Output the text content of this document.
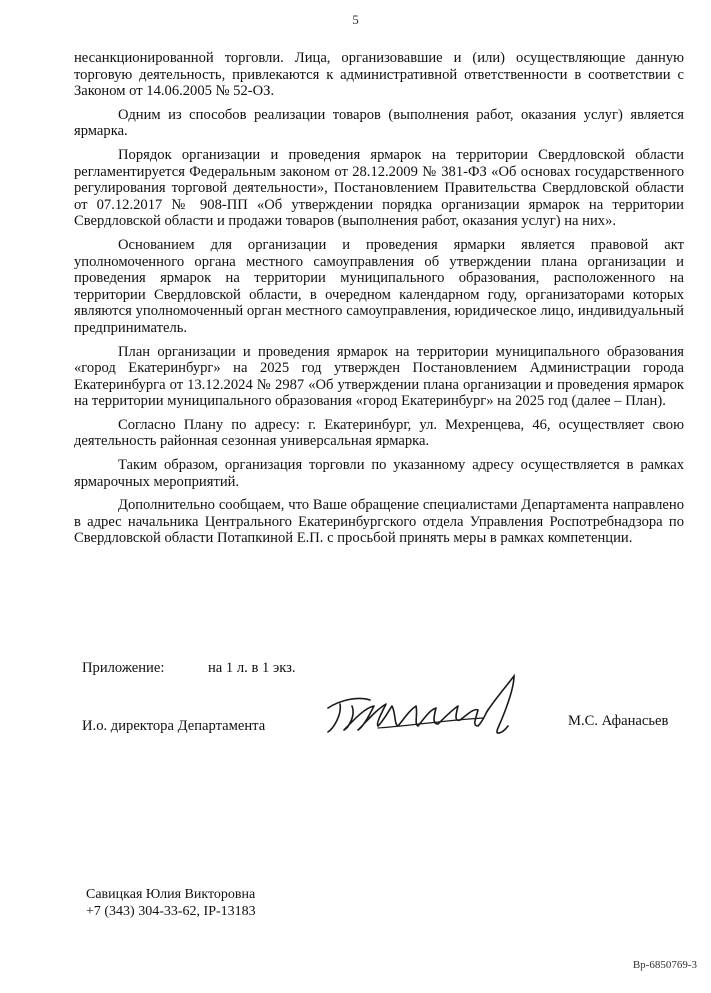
5

несанкционированной торговли. Лица, организовавшие и (или) осуществляющие данную торговую деятельность, привлекаются к административной ответственности в соответствии с Законом от 14.06.2005 № 52-ОЗ.

Одним из способов реализации товаров (выполнения работ, оказания услуг) является ярмарка.

Порядок организации и проведения ярмарок на территории Свердловской области регламентируется Федеральным законом от 28.12.2009 № 381-ФЗ «Об основах государственного регулирования торговой деятельности», Постановлением Правительства Свердловской области от 07.12.2017 № 908-ПП «Об утверждении порядка организации ярмарок на территории Свердловской области и продажи товаров (выполнения работ, оказания услуг) на них».

Основанием для организации и проведения ярмарки является правовой акт уполномоченного органа местного самоуправления об утверждении плана организации и проведения ярмарок на территории муниципального образования, расположенного на территории Свердловской области, в очередном календарном году, организаторами которых являются уполномоченный орган местного самоуправления, юридическое лицо, индивидуальный предприниматель.

План организации и проведения ярмарок на территории муниципального образования «город Екатеринбург» на 2025 год утвержден Постановлением Администрации города Екатеринбурга от 13.12.2024 № 2987 «Об утверждении плана организации и проведения ярмарок на территории муниципального образования «город Екатеринбург» на 2025 год (далее – План).

Согласно Плану по адресу: г. Екатеринбург, ул. Мехренцева, 46, осуществляет свою деятельность районная сезонная универсальная ярмарка.

Таким образом, организация торговли по указанному адресу осуществляется в рамках ярмарочных мероприятий.

Дополнительно сообщаем, что Ваше обращение специалистами Департамента направлено в адрес начальника Центрального Екатеринбургского отдела Управления Роспотребнадзора по Свердловской области Потапкиной Е.П. с просьбой принять меры в рамках компетенции.

Приложение:	на 1 л. в 1 экз.
И.о. директора Департамента	М.С. Афанасьев
Савицкая Юлия Викторовна
+7 (343) 304-33-62, IP-13183
Вр-6850769-3
